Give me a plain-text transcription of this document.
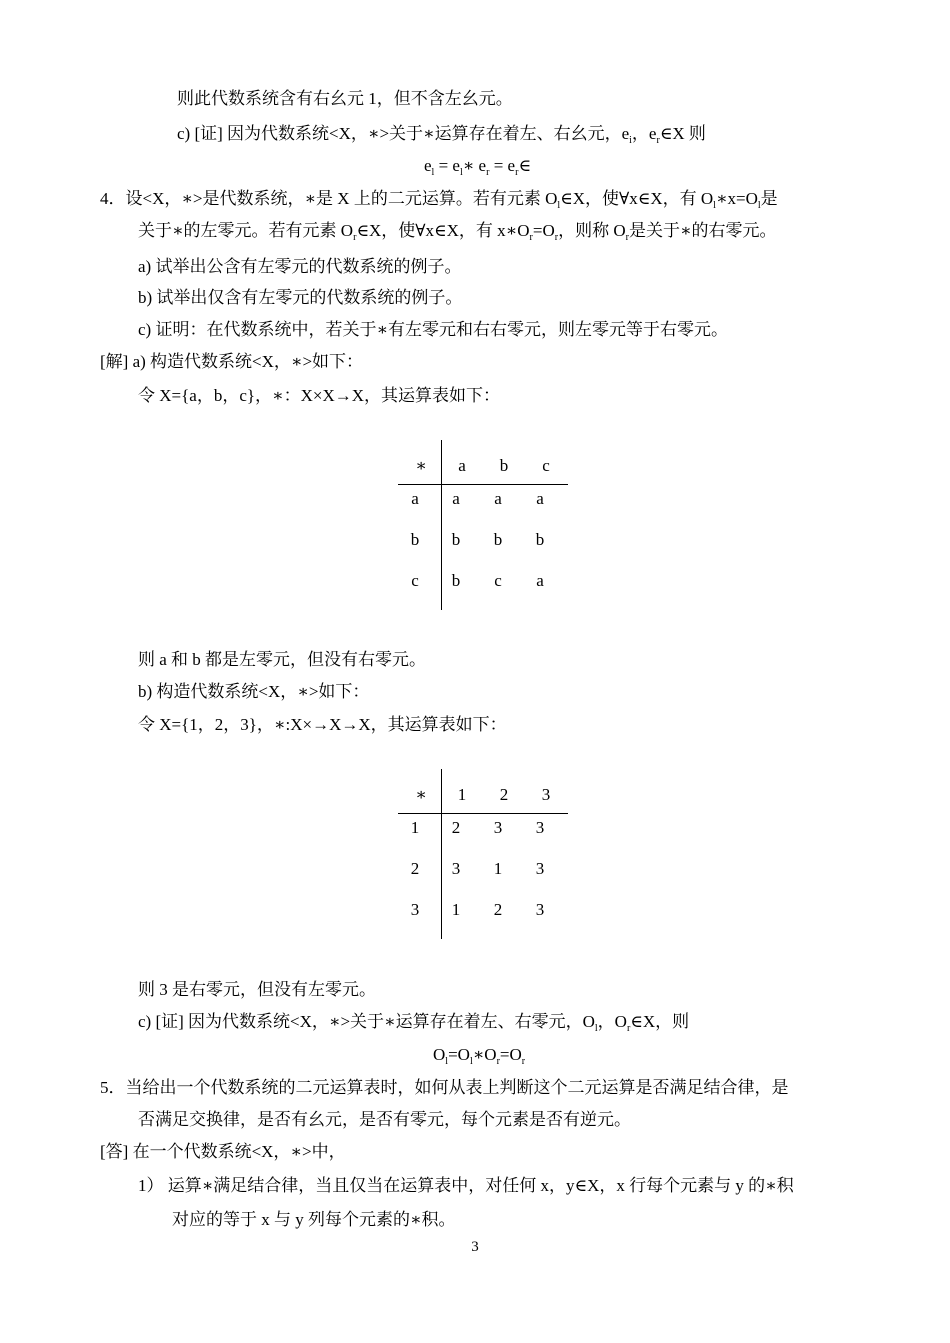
则此代数系统含有右幺元 1，但不含左幺元。
c) [证] 因为代数系统<X，∗>关于∗运算存在着左、右幺元，$e_i$，$e_r\in X$ 则
$e_l$ = $e_l∗$ $e_r$ = $e_r\in$
4．设<X，∗>是代数系统，∗是 X 上的二元运算。若有元素 $O_l\in X$，使∀x∈X，有 $O_l∗x=O_l$是
关于∗的左零元。若有元素 $O_r\in X$，使∀x∈X，有 $x∗O_r=O_r$，则称 $O_r$是关于∗的右零元。
a) 试举出公含有左零元的代数系统的例子。
b) 试举出仅含有左零元的代数系统的例子。
c) 证明：在代数系统中，若关于∗有左零元和右右零元，则左零元等于右零元。
[解] a) 构造代数系统<X，∗>如下：
令 X={a，b，c}，∗：X×X→X，其运算表如下：
∗	a	b	c
a	a	a	a
b	b	b	b
c	b	c	a
则 a 和 b 都是左零元，但没有右零元。
b) 构造代数系统<X，∗>如下：
令 X={1，2，3}，∗:X×→X→X，其运算表如下：
∗	1	2	3
1	2	3	3
2	3	1	3
3	1	2	3
则 3 是右零元，但没有左零元。
c) [证] 因为代数系统<X，∗>关于∗运算存在着左、右零元，$O_l$，$O_r\in X$，则
$O_l=O_l∗O_r=O_r$
5．当给出一个代数系统的二元运算表时，如何从表上判断这个二元运算是否满足结合律，是
否满足交换律，是否有幺元，是否有零元，每个元素是否有逆元。
[答] 在一个代数系统<X，∗>中，
1） 运算∗满足结合律，当且仅当在运算表中，对任何 x，y∈X，x 行每个元素与 y 的∗积
对应的等于 x 与 y 列每个元素的∗积。
3
